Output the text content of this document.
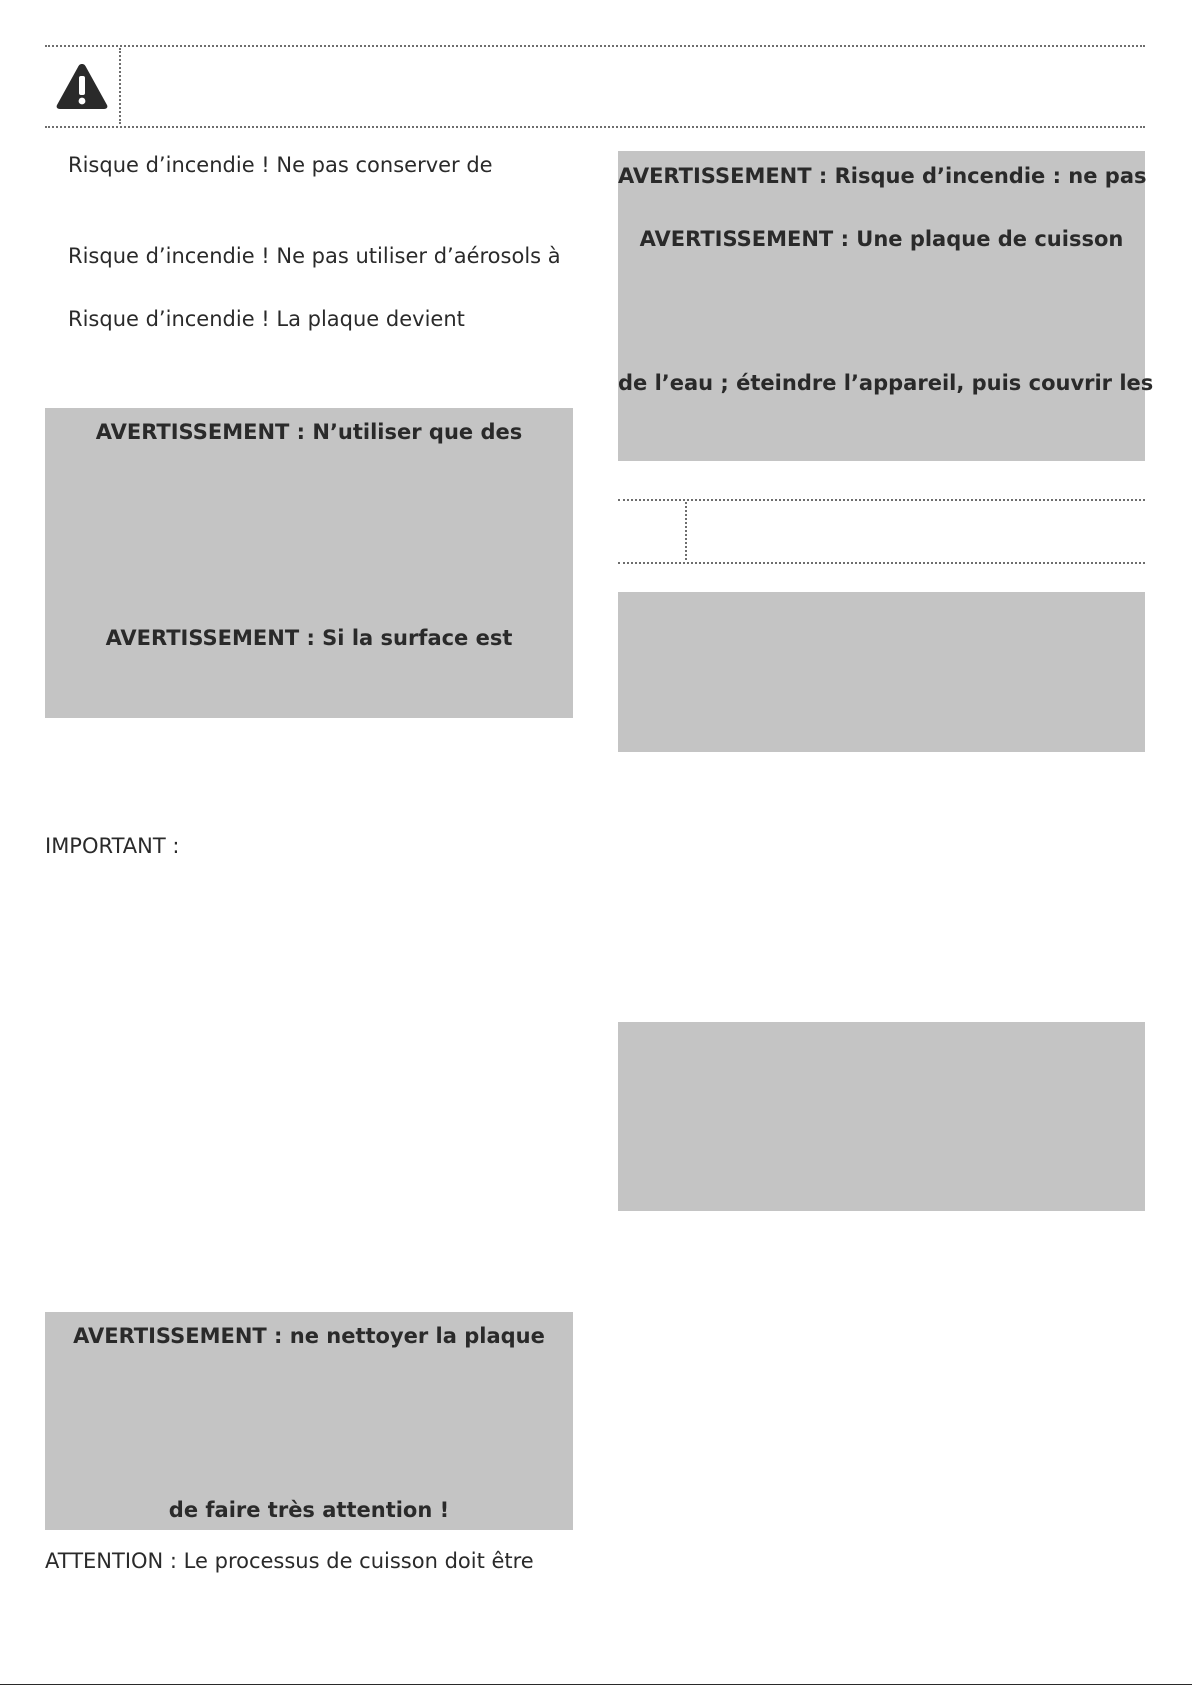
Risque d’incendie ! Ne pas conserver de
Risque d’incendie ! Ne pas utiliser d’aérosols à
Risque d’incendie ! La plaque devient
AVERTISSEMENT : N’utiliser que des
AVERTISSEMENT : Si la surface est
IMPORTANT :
AVERTISSEMENT : ne nettoyer la plaque
de faire très attention !
ATTENTION : Le processus de cuisson doit être
AVERTISSEMENT : Risque d’incendie : ne pas
AVERTISSEMENT : Une plaque de cuisson
de l’eau ; éteindre l’appareil, puis couvrir les
